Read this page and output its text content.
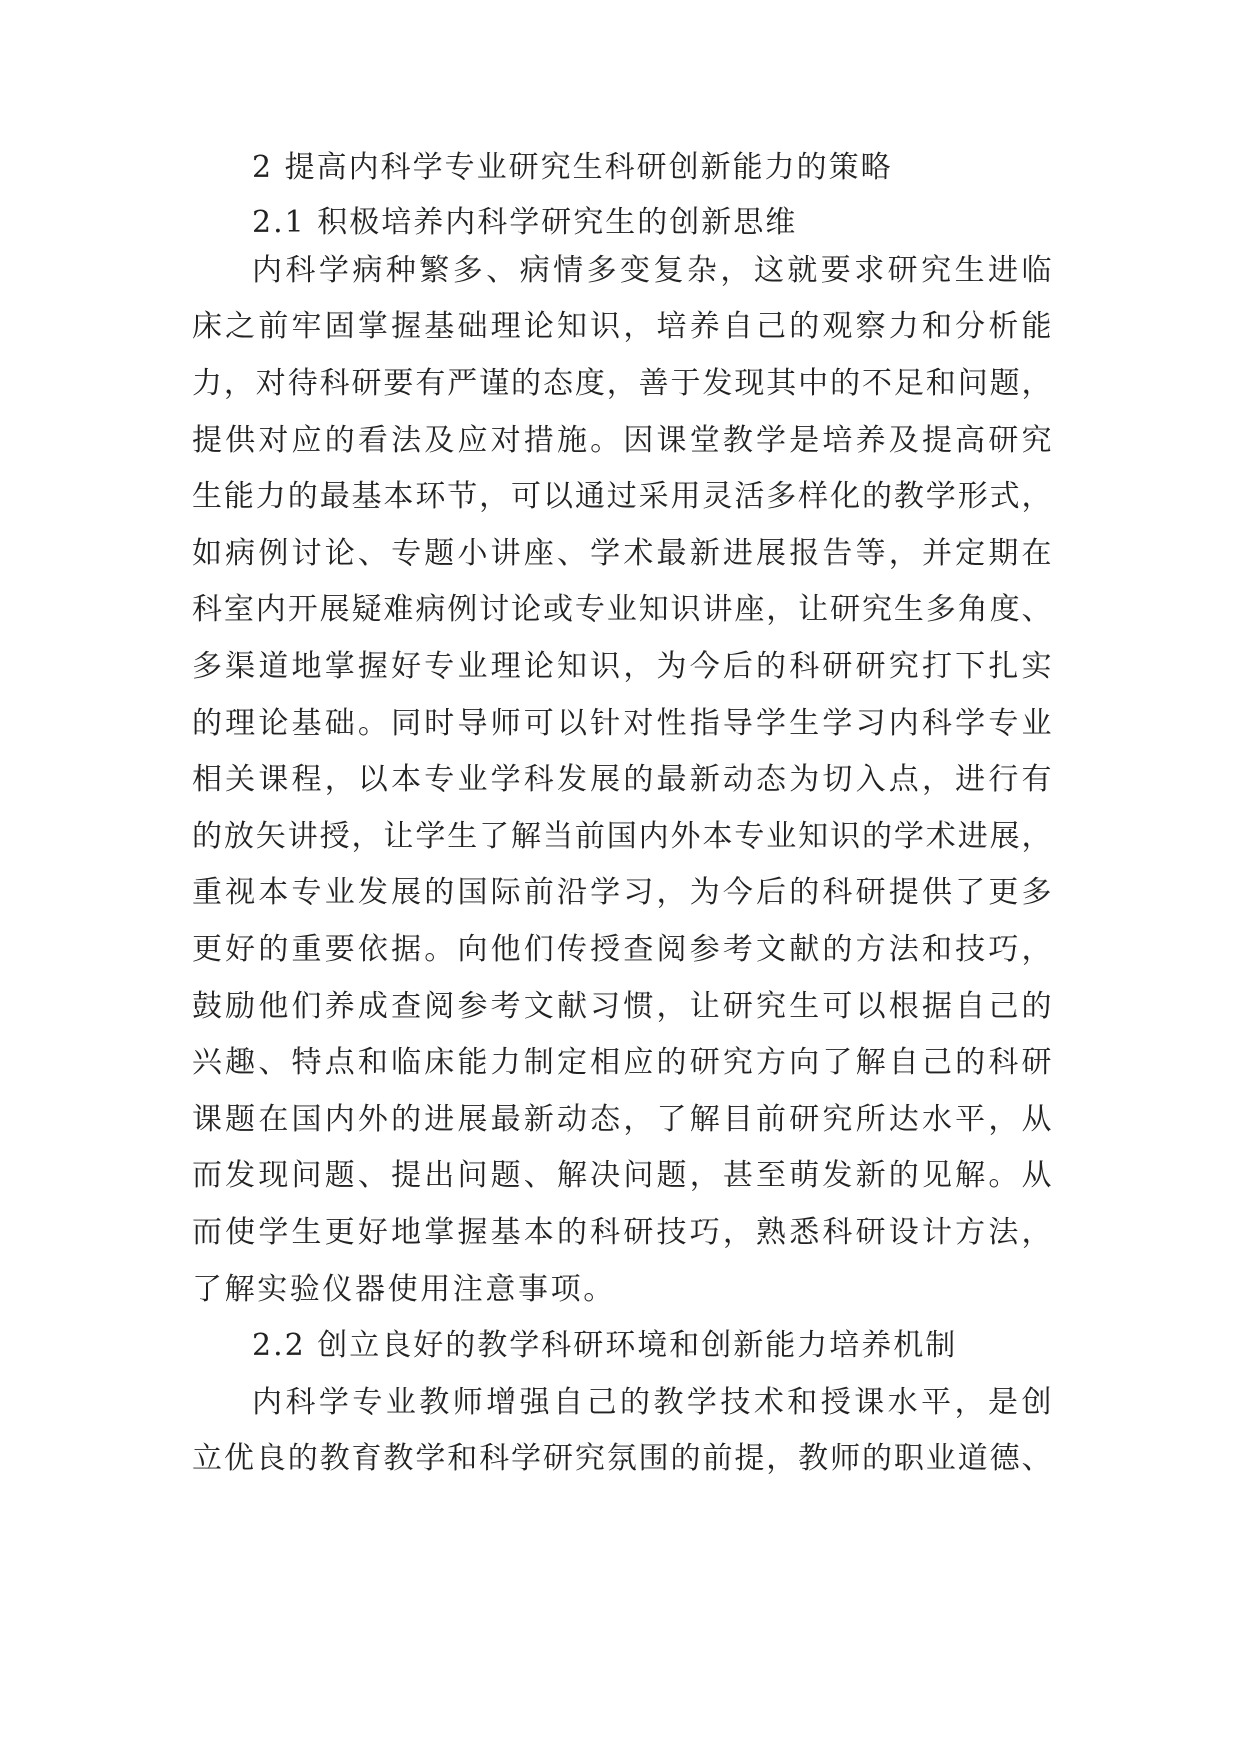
2 提高内科学专业研究生科研创新能力的策略
2.1 积极培养内科学研究生的创新思维
内科学病种繁多、病情多变复杂，这就要求研究生进临
床之前牢固掌握基础理论知识，培养自己的观察力和分析能
力，对待科研要有严谨的态度，善于发现其中的不足和问题，
提供对应的看法及应对措施。因课堂教学是培养及提高研究
生能力的最基本环节，可以通过采用灵活多样化的教学形式，
如病例讨论、专题小讲座、学术最新进展报告等，并定期在
科室内开展疑难病例讨论或专业知识讲座，让研究生多角度、
多渠道地掌握好专业理论知识，为今后的科研研究打下扎实
的理论基础。同时导师可以针对性指导学生学习内科学专业
相关课程，以本专业学科发展的最新动态为切入点，进行有
的放矢讲授，让学生了解当前国内外本专业知识的学术进展，
重视本专业发展的国际前沿学习，为今后的科研提供了更多
更好的重要依据。向他们传授查阅参考文献的方法和技巧，
鼓励他们养成查阅参考文献习惯，让研究生可以根据自己的
兴趣、特点和临床能力制定相应的研究方向了解自己的科研
课题在国内外的进展最新动态，了解目前研究所达水平，从
而发现问题、提出问题、解决问题，甚至萌发新的见解。从
而使学生更好地掌握基本的科研技巧，熟悉科研设计方法，
了解实验仪器使用注意事项。
2.2 创立良好的教学科研环境和创新能力培养机制
内科学专业教师增强自己的教学技术和授课水平，是创
立优良的教育教学和科学研究氛围的前提，教师的职业道德、
